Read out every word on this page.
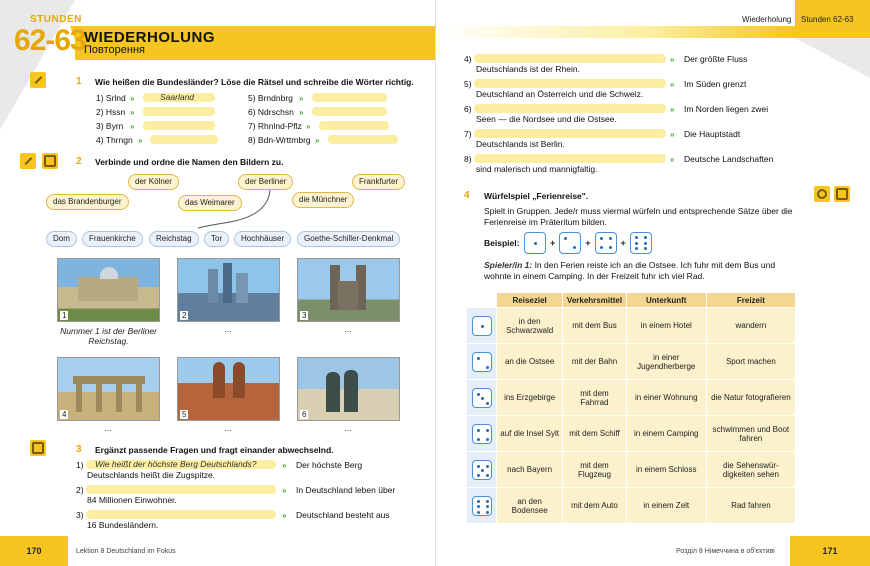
STUNDEN
62-63
WIEDERHOLUNG
Повторення
1 Wie heißen die Bundesländer? Löse die Rätsel und schreibe die Wörter richtig.
1) Srlnd »	Saarland
2) Hssn »
3) Byrn »
4) Thrngn »
5) Brndnbrg »
6) Ndrschsn »
7) Rhnlnd-Pflz »
8) Bdn-Wrttmbrg »
2 Verbinde und ordne die Namen den Bildern zu.
der Kölner	der Berliner	Frankfurter
das Brandenburger	das Weimarer	die Münchner
Dom	Frauenkirche	Reichstag	Tor	Hochhäuser	Goethe-Schiller-Denkmal
1	2	3
Nummer 1 ist der Berliner Reichstag.
...	...
4	5	6
...	...	...
3 Ergänzt passende Fragen und fragt einander abwechselnd.
1) Wie heißt der höchste Berg Deutschlands?	» Der höchste Berg
Deutschlands heißt die Zugspitze.
2)	» In Deutschland leben über
84 Millionen Einwohner.
3)	» Deutschland besteht aus
16 Bundesländern.
170	Lektion 8 Deutschland im Fokus
Wiederholung Stunden 62-63
4)	» Der größte Fluss
Deutschlands ist der Rhein.
5)	» Im Süden grenzt
Deutschland an Österreich und die Schweiz.
6)	» Im Norden liegen zwei
Seen — die Nordsee und die Ostsee.
7)	» Die Hauptstadt
Deutschlands ist Berlin.
8)	» Deutsche Landschaften
sind malerisch und mannigfaltig.
4 Würfelspiel „Ferienreise".
Spielt in Gruppen. Jede/r muss viermal würfeln und entsprechende Sätze über die Ferienreise im Präteritum bilden.
Beispiel:	+	+	+
Spieler/in 1: In den Ferien reiste ich an die Ostsee. Ich fuhr mit dem Bus und wohnte in einem Camping. In der Freizeit fuhr ich viel Rad.
	Reiseziel	Verkehrsmittel	Unterkunft	Freizeit

	in den Schwarzwald	mit dem Bus	in einem Hotel	wandern

	an die Ostsee	mit der Bahn	in einer Jugendherberge	Sport machen

	ins Erzgebirge	mit dem Fahrrad	in einer Wohnung	die Natur fotografieren

	auf die Insel Sylt	mit dem Schiff	in einem Camping	schwimmen und Boot fahren

	nach Bayern	mit dem Flugzeug	in einem Schloss	die Sehenswür-digkeiten sehen

	an den Bodensee	mit dem Auto	in einem Zelt	Rad fahren
171
Розділ 8 Німеччина в об'єктиві
